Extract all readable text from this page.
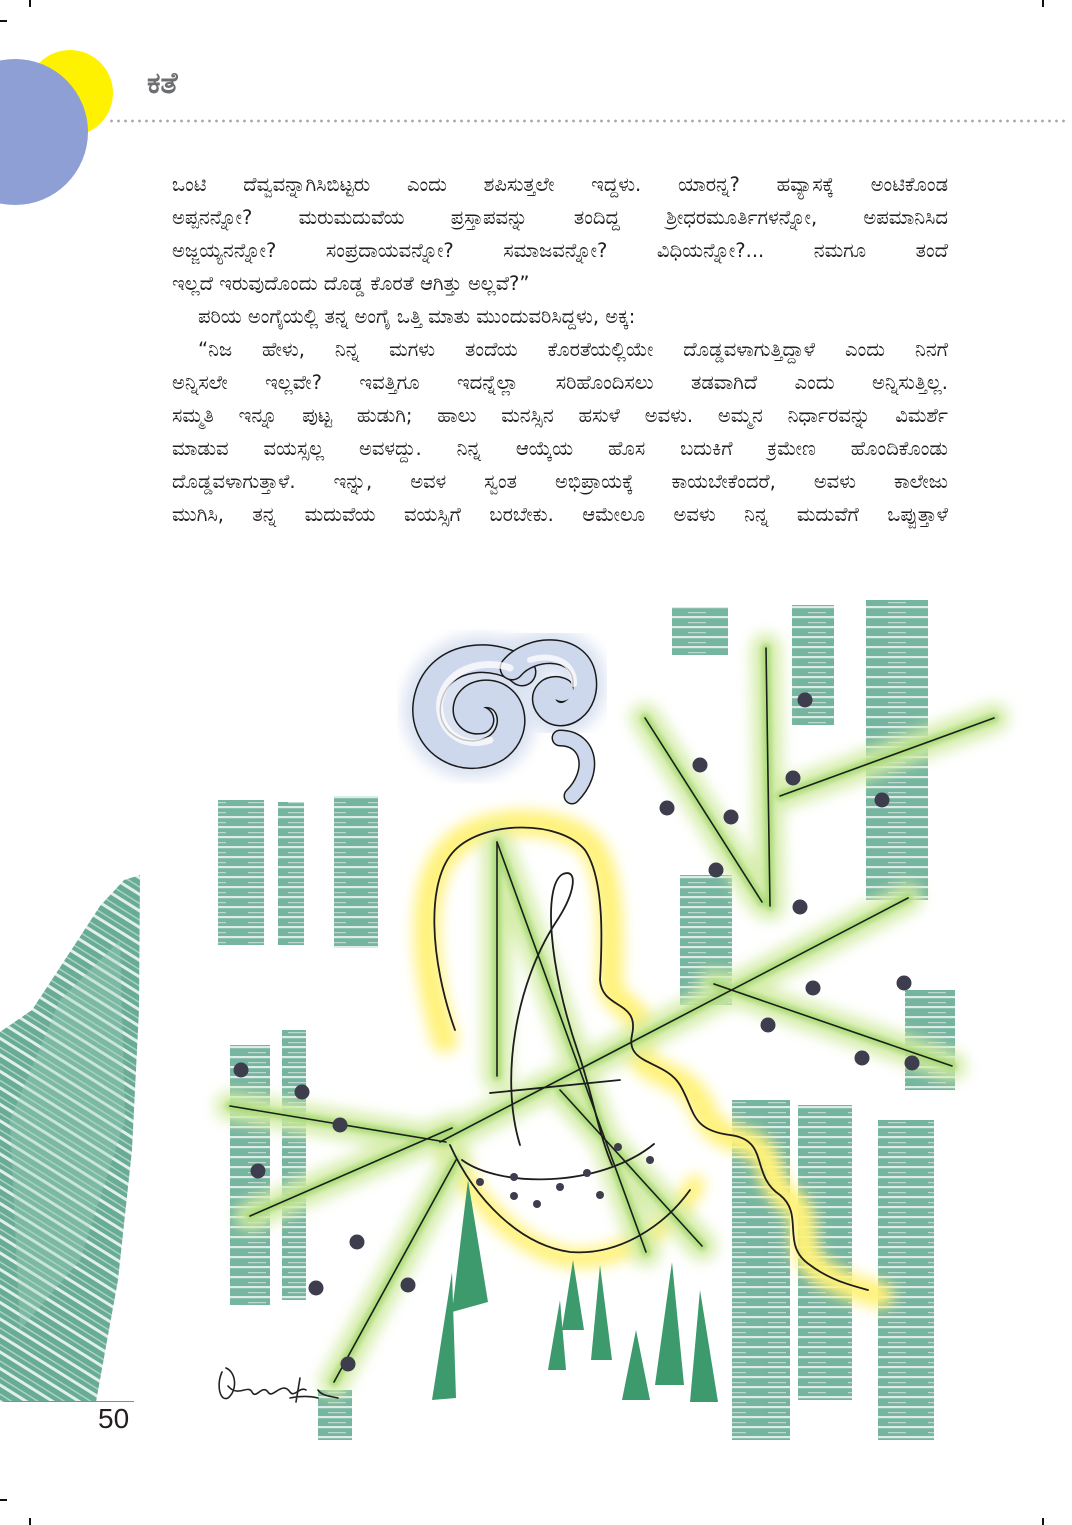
ಕತೆ
ಒಂಟಿ ದೆವ್ವವನ್ನಾಗಿಸಿಬಿಟ್ಟರು ಎಂದು ಶಪಿಸುತ್ತಲೇ ಇದ್ದಳು. ಯಾರನ್ನ? ಹವ್ಯಾಸಕ್ಕೆ ಅಂಟಿಕೊಂಡ
ಅಪ್ಪನನ್ನೋ? ಮರುಮದುವೆಯ ಪ್ರಸ್ತಾಪವನ್ನು ತಂದಿದ್ದ ಶ್ರೀಧರಮೂರ್ತಿಗಳನ್ನೋ, ಅಪಮಾನಿಸಿದ
ಅಜ್ಜಯ್ಯನನ್ನೋ? ಸಂಪ್ರದಾಯವನ್ನೋ? ಸಮಾಜವನ್ನೋ? ವಿಧಿಯನ್ನೋ?... ನಮಗೂ ತಂದೆ
ಇಲ್ಲದೆ ಇರುವುದೊಂದು ದೊಡ್ಡ ಕೊರತೆ ಆಗಿತ್ತು ಅಲ್ಲವೆ?”
ಪರಿಯ ಅಂಗೈಯಲ್ಲಿ ತನ್ನ ಅಂಗೈ ಒತ್ತಿ ಮಾತು ಮುಂದುವರಿಸಿದ್ದಳು, ಅಕ್ಕ:
“ನಿಜ ಹೇಳು, ನಿನ್ನ ಮಗಳು ತಂದೆಯ ಕೊರತೆಯಲ್ಲಿಯೇ ದೊಡ್ಡವಳಾಗುತ್ತಿದ್ದಾಳೆ ಎಂದು ನಿನಗೆ
ಅನ್ನಿಸಲೇ ಇಲ್ಲವೇ? ಇವತ್ತಿಗೂ ಇದನ್ನೆಲ್ಲಾ ಸರಿಹೊಂದಿಸಲು ತಡವಾಗಿದೆ ಎಂದು ಅನ್ನಿಸುತ್ತಿಲ್ಲ.
ಸಮ್ಮತಿ ಇನ್ನೂ ಪುಟ್ಟ ಹುಡುಗಿ; ಹಾಲು ಮನಸ್ಸಿನ ಹಸುಳೆ ಅವಳು. ಅಮ್ಮನ ನಿರ್ಧಾರವನ್ನು ವಿಮರ್ಶೆ
ಮಾಡುವ ವಯಸ್ಸಲ್ಲ ಅವಳದ್ದು. ನಿನ್ನ ಆಯ್ಕೆಯ ಹೊಸ ಬದುಕಿಗೆ ಕ್ರಮೇಣ ಹೊಂದಿಕೊಂಡು
ದೊಡ್ಡವಳಾಗುತ್ತಾಳೆ. ಇನ್ನು, ಅವಳ ಸ್ವಂತ ಅಭಿಪ್ರಾಯಕ್ಕೆ ಕಾಯಬೇಕೆಂದರೆ, ಅವಳು ಕಾಲೇಜು
ಮುಗಿಸಿ, ತನ್ನ ಮದುವೆಯ ವಯಸ್ಸಿಗೆ ಬರಬೇಕು. ಆಮೇಲೂ ಅವಳು ನಿನ್ನ ಮದುವೆಗೆ ಒಪ್ಪುತ್ತಾಳೆ
50
